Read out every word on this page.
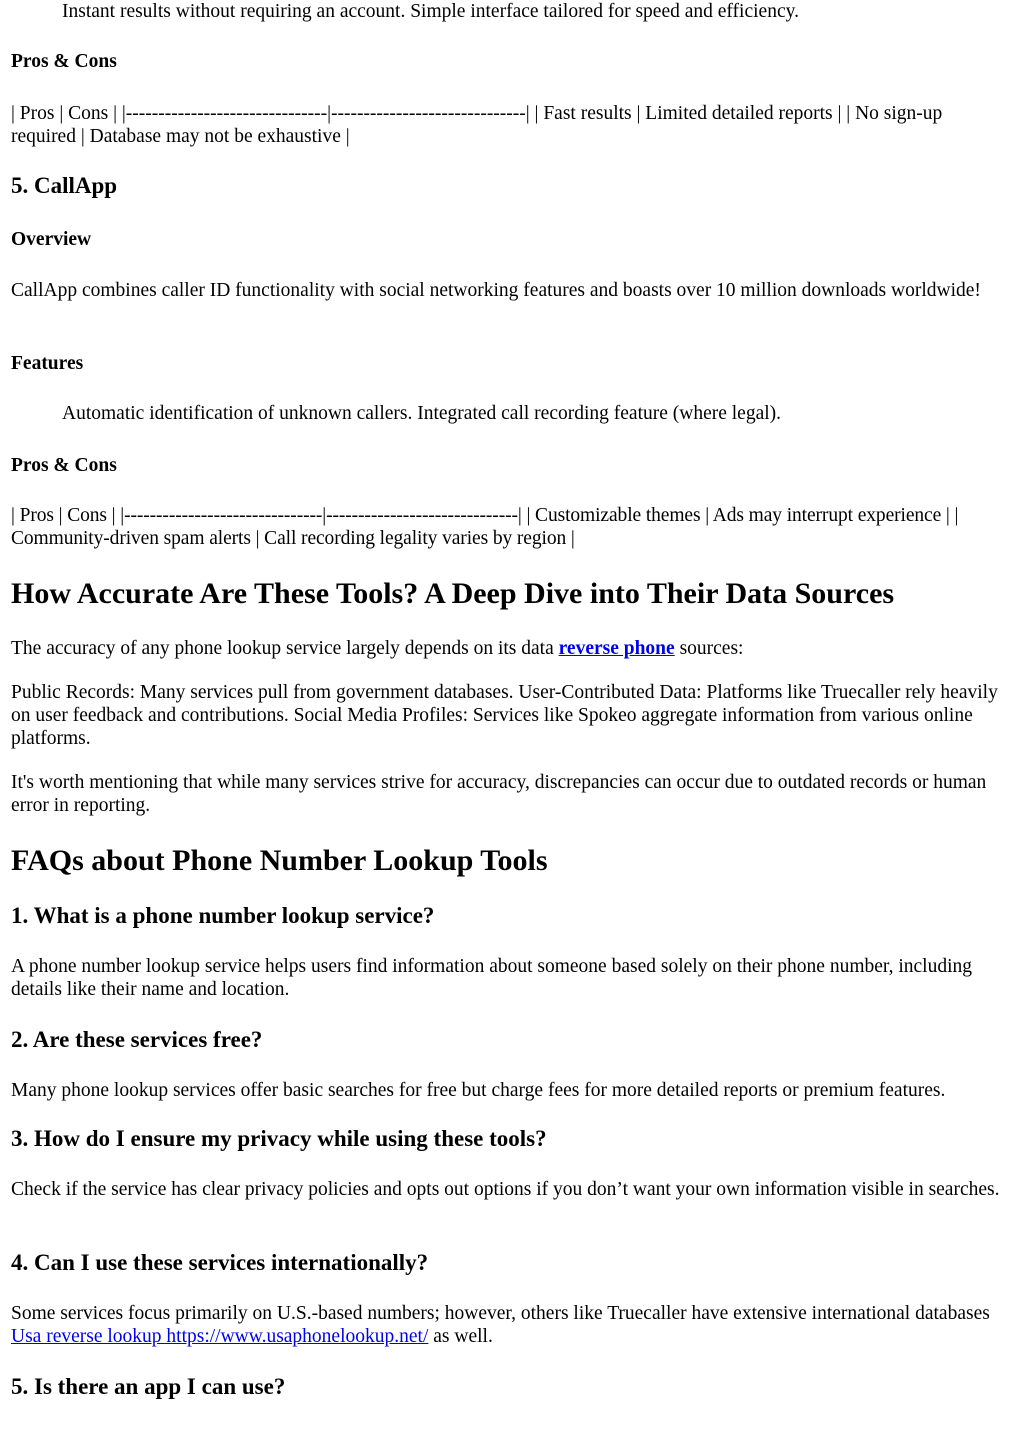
Instant results without requiring an account. Simple interface tailored for speed and efficiency.

Pros & Cons

| Pros | Cons | |-------------------------------|------------------------------| | Fast results | Limited detailed reports | | No sign-up required | Database may not be exhaustive |

5. CallApp

Overview

CallApp combines caller ID functionality with social networking features and boasts over 10 million downloads worldwide!

Features

Automatic identification of unknown callers. Integrated call recording feature (where legal).

Pros & Cons

| Pros | Cons | |-------------------------------|------------------------------| | Customizable themes | Ads may interrupt experience | | Community-driven spam alerts | Call recording legality varies by region |

How Accurate Are These Tools? A Deep Dive into Their Data Sources

The accuracy of any phone lookup service largely depends on its data reverse phone sources:

Public Records: Many services pull from government databases. User-Contributed Data: Platforms like Truecaller rely heavily on user feedback and contributions. Social Media Profiles: Services like Spokeo aggregate information from various online platforms.

It's worth mentioning that while many services strive for accuracy, discrepancies can occur due to outdated records or human error in reporting.

FAQs about Phone Number Lookup Tools
1. What is a phone number lookup service?

A phone number lookup service helps users find information about someone based solely on their phone number, including details like their name and location.

2. Are these services free?

Many phone lookup services offer basic searches for free but charge fees for more detailed reports or premium features.

3. How do I ensure my privacy while using these tools?

Check if the service has clear privacy policies and opts out options if you don’t want your own information visible in searches.

4. Can I use these services internationally?

Some services focus primarily on U.S.-based numbers; however, others like Truecaller have extensive international databases Usa reverse lookup https://www.usaphonelookup.net/ as well.

5. Is there an app I can use?
